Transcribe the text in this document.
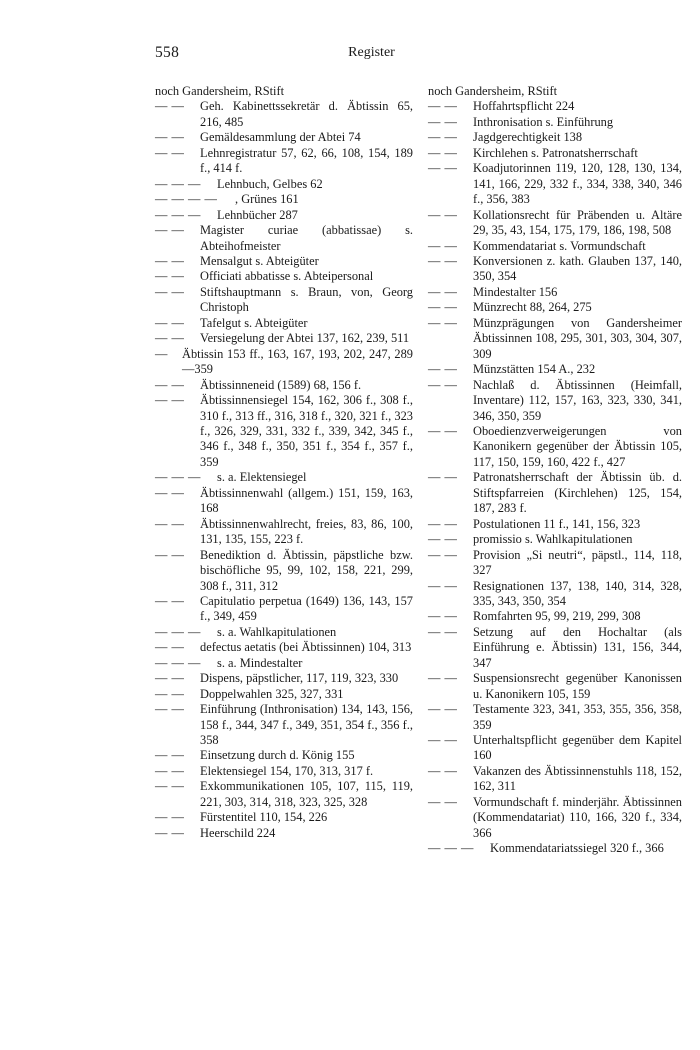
558	Register
noch Gandersheim, RStift
— — Geh. Kabinettssekretär d. Äbtissin 65, 216, 485
— — Gemäldesammlung der Abtei 74
— — Lehnregistratur 57, 62, 66, 108, 154, 189 f., 414 f.
— — — Lehnbuch, Gelbes 62
— — — — , Grünes 161
— — — Lehnbücher 287
— — Magister curiae (abbatissae) s. Abteihofmeister
— — Mensalgut s. Abteigüter
— — Officiati abbatisse s. Abteipersonal
— — Stiftshauptmann s. Braun, von, Georg Christoph
— — Tafelgut s. Abteigüter
— — Versiegelung der Abtei 137, 162, 239, 511
— Äbtissin 153 ff., 163, 167, 193, 202, 247, 289—359
— — Äbtissinneneid (1589) 68, 156 f.
— — Äbtissinnensiegel 154, 162, 306 f., 308 f., 310 f., 313 ff., 316, 318 f., 320, 321 f., 323 f., 326, 329, 331, 332 f., 339, 342, 345 f., 346 f., 348 f., 350, 351 f., 354 f., 357 f., 359
— — — s. a. Elektensiegel
— — Äbtissinnenwahl (allgem.) 151, 159, 163, 168
— — Äbtissinnenwahlrecht, freies, 83, 86, 100, 131, 135, 155, 223 f.
— — Benediktion d. Äbtissin, päpstliche bzw. bischöfliche 95, 99, 102, 158, 221, 299, 308 f., 311, 312
— — Capitulatio perpetua (1649) 136, 143, 157 f., 349, 459
— — — s. a. Wahlkapitulationen
— — defectus aetatis (bei Äbtissinnen) 104, 313
— — — s. a. Mindestalter
— — Dispens, päpstlicher, 117, 119, 323, 330
— — Doppelwahlen 325, 327, 331
— — Einführung (Inthronisation) 134, 143, 156, 158 f., 344, 347 f., 349, 351, 354 f., 356 f., 358
— — Einsetzung durch d. König 155
— — Elektensiegel 154, 170, 313, 317 f.
— — Exkommunikationen 105, 107, 115, 119, 221, 303, 314, 318, 323, 325, 328
— — Fürstentitel 110, 154, 226
— — Heerschild 224
noch Gandersheim, RStift
— — Hoffahrtspflicht 224
— — Inthronisation s. Einführung
— — Jagdgerechtigkeit 138
— — Kirchlehen s. Patronatsherrschaft
— — Koadjutorinnen 119, 120, 128, 130, 134, 141, 166, 229, 332 f., 334, 338, 340, 346 f., 356, 383
— — Kollationsrecht für Präbenden u. Altäre 29, 35, 43, 154, 175, 179, 186, 198, 508
— — Kommendatariat s. Vormundschaft
— — Konversionen z. kath. Glauben 137, 140, 350, 354
— — Mindestalter 156
— — Münzrecht 88, 264, 275
— — Münzprägungen von Gandersheimer Äbtissinnen 108, 295, 301, 303, 304, 307, 309
— — Münzstätten 154 A., 232
— — Nachlaß d. Äbtissinnen (Heimfall, Inventare) 112, 157, 163, 323, 330, 341, 346, 350, 359
— — Oboedienzverweigerungen von Kanonikern gegenüber der Äbtissin 105, 117, 150, 159, 160, 422 f., 427
— — Patronatsherrschaft der Äbtissin üb. d. Stiftspfarreien (Kirchlehen) 125, 154, 187, 283 f.
— — Postulationen 11 f., 141, 156, 323
— — promissio s. Wahlkapitulationen
— — Provision „Si neutri“, päpstl., 114, 118, 327
— — Resignationen 137, 138, 140, 314, 328, 335, 343, 350, 354
— — Romfahrten 95, 99, 219, 299, 308
— — Setzung auf den Hochaltar (als Einführung e. Äbtissin) 131, 156, 344, 347
— — Suspensionsrecht gegenüber Kanonissen u. Kanonikern 105, 159
— — Testamente 323, 341, 353, 355, 356, 358, 359
— — Unterhaltspflicht gegenüber dem Kapitel 160
— — Vakanzen des Äbtissinnenstuhls 118, 152, 162, 311
— — Vormundschaft f. minderjähr. Äbtissinnen (Kommendatariat) 110, 166, 320 f., 334, 366
— — — Kommendatariatssiegel 320 f., 366
